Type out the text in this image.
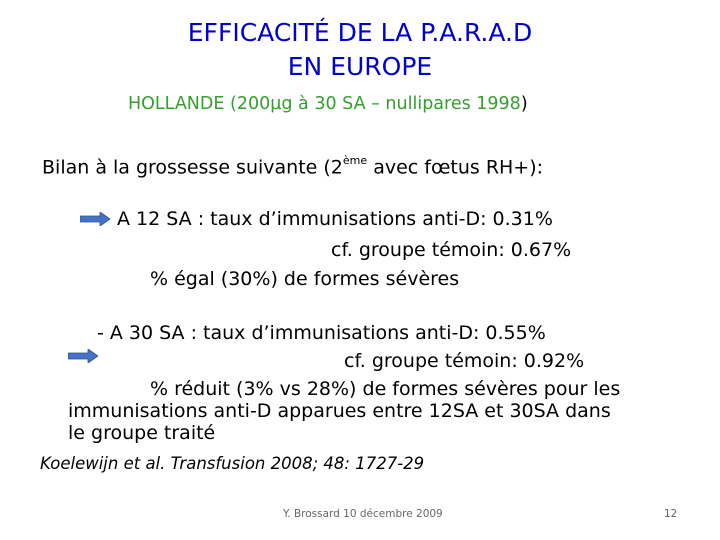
EFFICACITÉ DE LA P.A.R.A.D
EN EUROPE
HOLLANDE (200µg à 30 SA – nullipares 1998)
Bilan à la grossesse suivante (2ème avec fœtus RH+):
A 12 SA : taux d’immunisations anti-D: 0.31%
cf. groupe témoin: 0.67%
% égal (30%) de formes sévères
- A 30 SA : taux d’immunisations anti-D: 0.55%
cf. groupe témoin: 0.92%
% réduit (3% vs 28%) de formes sévères pour les
immunisations anti-D apparues entre 12SA et 30SA dans
le groupe traité
Koelewijn et al. Transfusion 2008; 48: 1727-29
Y. Brossard 10 décembre 2009	12
